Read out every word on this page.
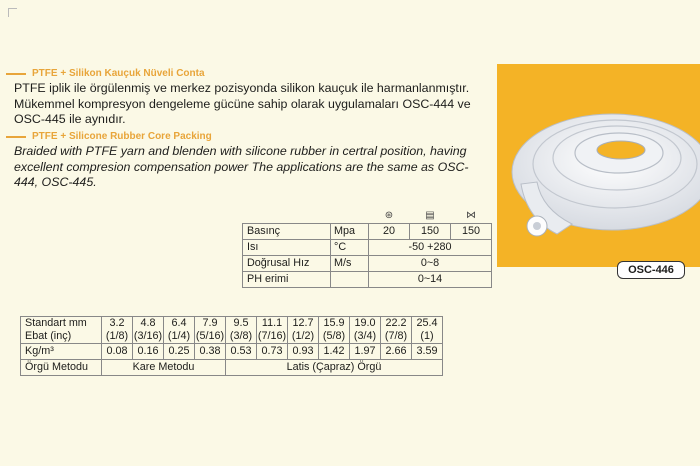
PTFE + Silikon Kauçuk Nüveli Conta
PTFE iplik ile örgülenmiş ve merkez pozisyonda silikon kauçuk ile harmanlanmıştır. Mükemmel kompresyon dengeleme gücüne sahip olarak uygulamaları OSC-444 ve OSC-445 ile aynıdır.
PTFE + Silicone Rubber Core Packing
Braided with PTFE yarn and blenden with silicone rubber in certral position, having excellent compresion compensation power The applications are the same as OSC-444, OSC-445.
OSC-446
		⊛	▤	⋈
Basınç	Mpa	20	150	150
Isı	°C	-50 +280		
Doğrusal Hız	M/s	0~8		
PH erimi		0~14		
Standart mm	3.2	4.8	6.4	7.9	9.5	11.1	12.7	15.9	19.0	22.2	25.4
Ebat (inç)	(1/8)	(3/16)	(1/4)	(5/16)	(3/8)	(7/16)	(1/2)	(5/8)	(3/4)	(7/8)	(1)
Kg/m³	0.08	0.16	0.25	0.38	0.53	0.73	0.93	1.42	1.97	2.66	3.59
Örgü Metodu	Kare Metodu				Latis (Çapraz) Örgü						
